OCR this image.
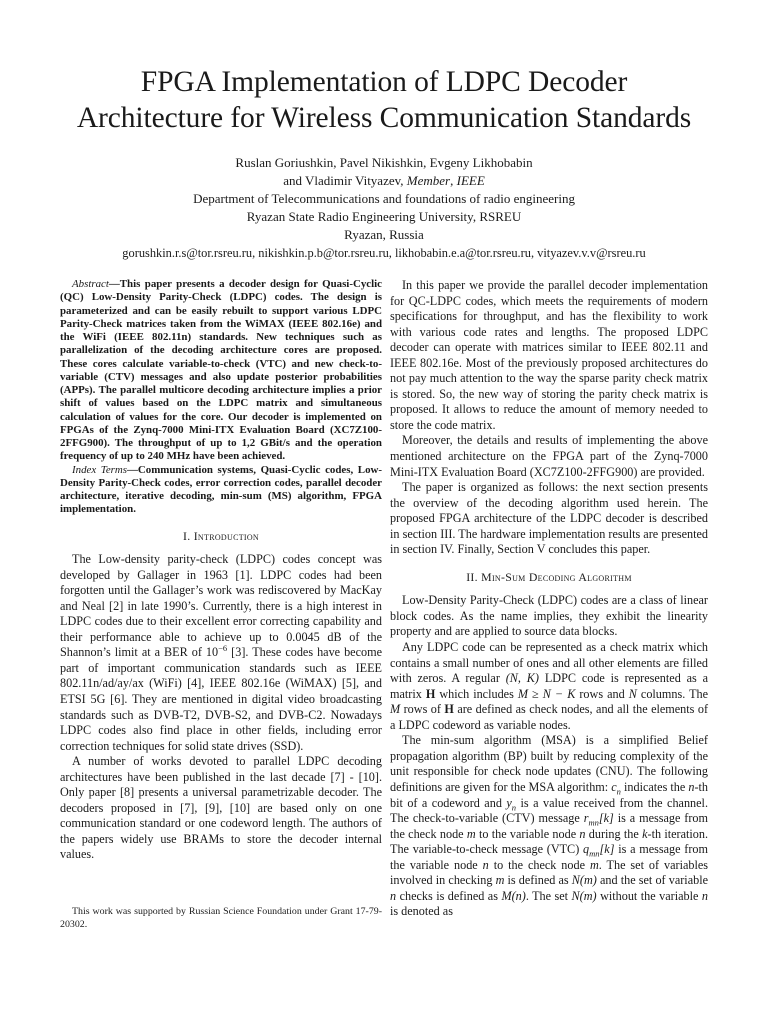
FPGA Implementation of LDPC Decoder
Architecture for Wireless Communication Standards
Ruslan Goriushkin, Pavel Nikishkin, Evgeny Likhobabin
and Vladimir Vityazev, Member, IEEE
Department of Telecommunications and foundations of radio engineering
Ryazan State Radio Engineering University, RSREU
Ryazan, Russia
gorushkin.r.s@tor.rsreu.ru, nikishkin.p.b@tor.rsreu.ru, likhobabin.e.a@tor.rsreu.ru, vityazev.v.v@rsreu.ru

Abstract—This paper presents a decoder design for Quasi-Cyclic (QC) Low-Density Parity-Check (LDPC) codes. The design is parameterized and can be easily rebuilt to support various LDPC Parity-Check matrices taken from the WiMAX (IEEE 802.16e) and the WiFi (IEEE 802.11n) standards. New techniques such as parallelization of the decoding architecture cores are proposed. These cores calculate variable-to-check (VTC) and new check-to-variable (CTV) messages and also update posterior probabilities (APPs). The parallel multicore decoding architecture implies a prior shift of values based on the LDPC matrix and simultaneous calculation of values for the core. Our decoder is implemented on FPGAs of the Zynq-7000 Mini-ITX Evaluation Board (XC7Z100-2FFG900). The throughput of up to 1,2 GBit/s and the operation frequency of up to 240 MHz have been achieved.

Index Terms—Communication systems, Quasi-Cyclic codes, Low-Density Parity-Check codes, error correction codes, parallel decoder architecture, iterative decoding, min-sum (MS) algorithm, FPGA implementation.

I. Introduction

The Low-density parity-check (LDPC) codes concept was developed by Gallager in 1963 [1]. LDPC codes had been forgotten until the Gallager’s work was rediscovered by MacKay and Neal [2] in late 1990’s. Currently, there is a high interest in LDPC codes due to their excellent error correcting capability and their performance able to achieve up to 0.0045 dB of the Shannon’s limit at a BER of $10^{-6}$ [3]. These codes have become part of important communication standards such as IEEE 802.11n/ad/ay/ax (WiFi) [4], IEEE 802.16e (WiMAX) [5], and ETSI 5G [6]. They are mentioned in digital video broadcasting standards such as DVB-T2, DVB-S2, and DVB-C2. Nowadays LDPC codes also find place in other fields, including error correction techniques for solid state drives (SSD).

A number of works devoted to parallel LDPC decoding architectures have been published in the last decade [7] - [10]. Only paper [8] presents a universal parametrizable decoder. The decoders proposed in [7], [9], [10] are based only on one communication standard or one codeword length. The authors of the papers widely use BRAMs to store the decoder internal values.

This work was supported by Russian Science Foundation under Grant 17-79-20302.

In this paper we provide the parallel decoder implementation for QC-LDPC codes, which meets the requirements of modern specifications for throughput, and has the flexibility to work with various code rates and lengths. The proposed LDPC decoder can operate with matrices similar to IEEE 802.11 and IEEE 802.16e. Most of the previously proposed architectures do not pay much attention to the way the sparse parity check matrix is stored. So, the new way of storing the parity check matrix is proposed. It allows to reduce the amount of memory needed to store the code matrix.

Moreover, the details and results of implementing the above mentioned architecture on the FPGA part of the Zynq-7000 Mini-ITX Evaluation Board (XC7Z100-2FFG900) are provided.

The paper is organized as follows: the next section presents the overview of the decoding algorithm used herein. The proposed FPGA architecture of the LDPC decoder is described in section III. The hardware implementation results are presented in section IV. Finally, Section V concludes this paper.

II. Min-Sum Decoding Algorithm

Low-Density Parity-Check (LDPC) codes are a class of linear block codes. As the name implies, they exhibit the linearity property and are applied to source data blocks.

Any LDPC code can be represented as a check matrix which contains a small number of ones and all other elements are filled with zeros. A regular (N, K) LDPC code is represented as a matrix H which includes M ≥ N − K rows and N columns. The M rows of H are defined as check nodes, and all the elements of a LDPC codeword as variable nodes.

The min-sum algorithm (MSA) is a simplified Belief propagation algorithm (BP) built by reducing complexity of the unit responsible for check node updates (CNU). The following definitions are given for the MSA algorithm: $c_n$ indicates the n-th bit of a codeword and $y_n$ is a value received from the channel. The check-to-variable (CTV) message $r_{mn}[k]$ is a message from the check node m to the variable node n during the k-th iteration. The variable-to-check message (VTC) $q_{mn}[k]$ is a message from the variable node n to the check node m. The set of variables involved in checking m is defined as N(m) and the set of variable n checks is defined as M(n). The set N(m) without the variable n is denoted as
